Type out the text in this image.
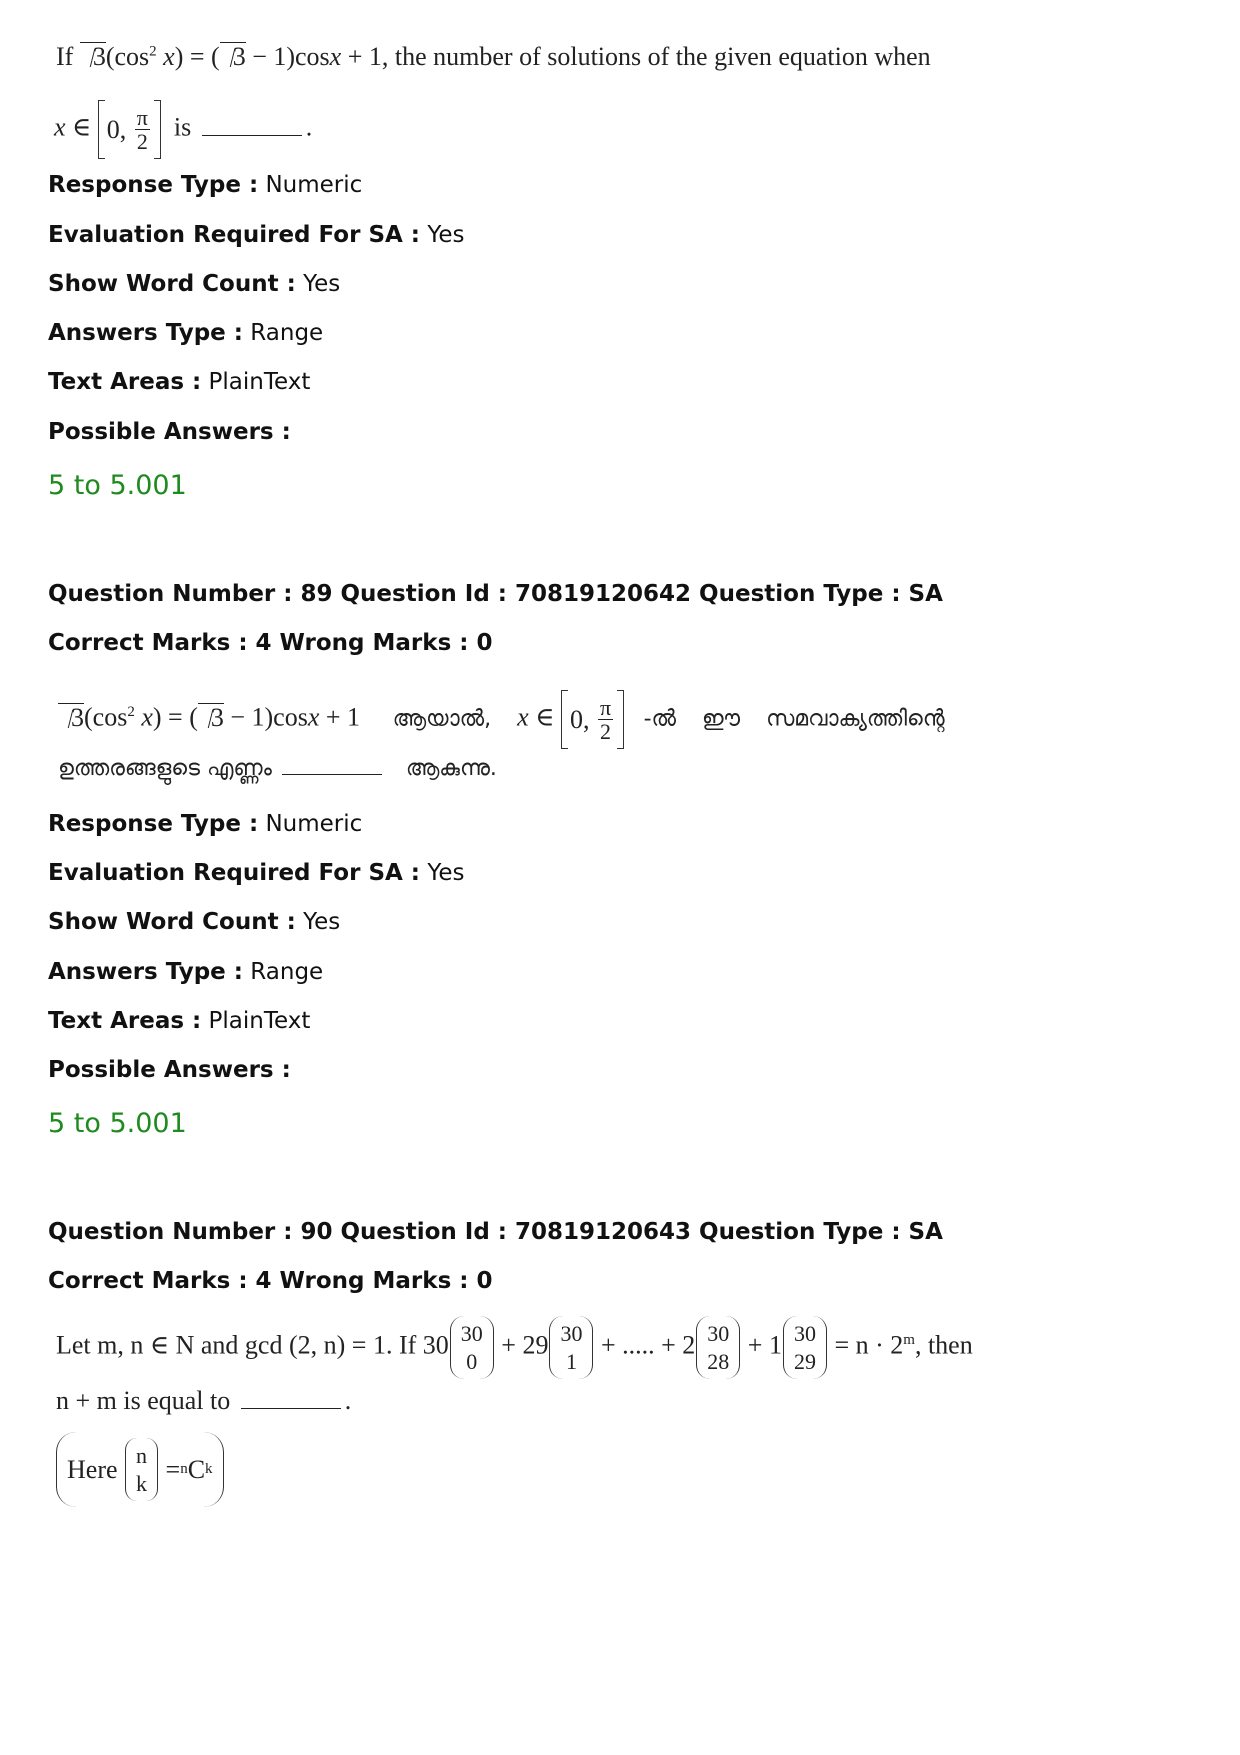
If $3(\cos^2$ x) = ( 3 − 1)cosx + 1, the number of solutions of the given equation when
x ∈ 0, $\frac{\pi}{2}$ is	.
Response Type : Numeric
Evaluation Required For SA : Yes
Show Word Count : Yes
Answers Type : Range
Text Areas : PlainText
Possible Answers :
5 to 5.001
Question Number : 89 Question Id : 70819120642 Question Type : SA
Correct Marks : 4 Wrong Marks : 0
$3(\cos^2$ x) = ( 3 − 1)cosx + 1     ആയാൽ, x ∈ 0, $\frac{\pi}{2}$ -ൽ ഈ സമവാക്യത്തിന്റെ
ഉത്തരങ്ങളുടെ എണ്ണം	ആകുന്നു.
Response Type : Numeric
Evaluation Required For SA : Yes
Show Word Count : Yes
Answers Type : Range
Text Areas : PlainText
Possible Answers :
5 to 5.001
Question Number : 90 Question Id : 70819120643 Question Type : SA
Correct Marks : 4 Wrong Marks : 0
Let m, n ∈ N and gcd (2, n) = 1. If 30 30
0
+ 29 30
1
+ ..... + 2 30
28
+ 1 30
29
= $n \cdot 2^m$, then
n + m is equal to	.
Here
n
k = n C k
